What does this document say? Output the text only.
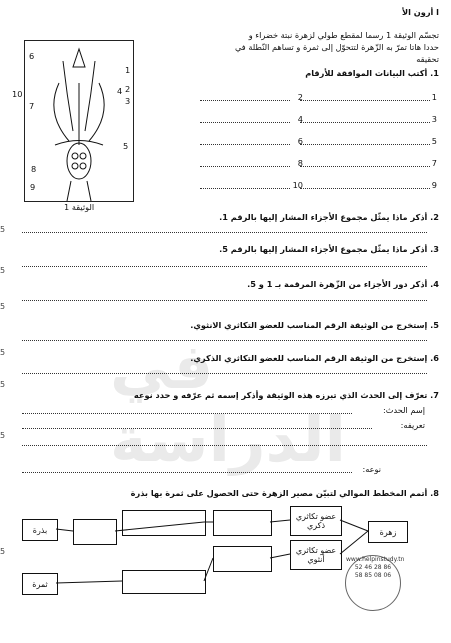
في الدراسة
ا أرون الأ
تجسّم الوثيقة 1 رسما لمقطع طولي لزهرة نبتة خضراء و
حددا هاتا تمرّ به الزّهرة لتتحوّل إلى ثمرة و تساهم النّطلة في
تحقيقه
1. أكتب البيانات الموافقة للأرقام
1
2
3
4
5
6
7
8
9
10
الوثيقة 1
1
2
3
4
5
6
7
8
9
10
2. أذكر ماذا يمثّل مجموع الأجزاء المشار إليها بالرقم 1.
3. أذكر ماذا يمثّل مجموع الأجزاء المشار إليها بالرقم 5.
4. أذكر دور الأجزاء من الزّهرة المرقمة بـ 1 و 5.
5. إستخرج من الوثيقة الرقم المناسب للعضو التكاثري الانثوي.
6. إستخرج من الوثيقة الرقم المناسب للعضو التكاثري الذكري.
7. تعرّف إلى الحدث الذي تبرزه هذه الوثيقة وأذكر إسمه ثم عرّفه و حدد نوعه
إسم الحدث:
تعريفه:
نوعه:
8. أتمم المخطط الموالي لتبيّن مصير الزهرة حتى الحصول على ثمرة بها بذرة
زهرة
عضو تكاثري ذكري
عضو تكاثري أنثوي
بذرة
ثمرة
www.helpinstudy.tn
52 46 28 86
58 85 08 06
5
5
5
5
5
5
5
